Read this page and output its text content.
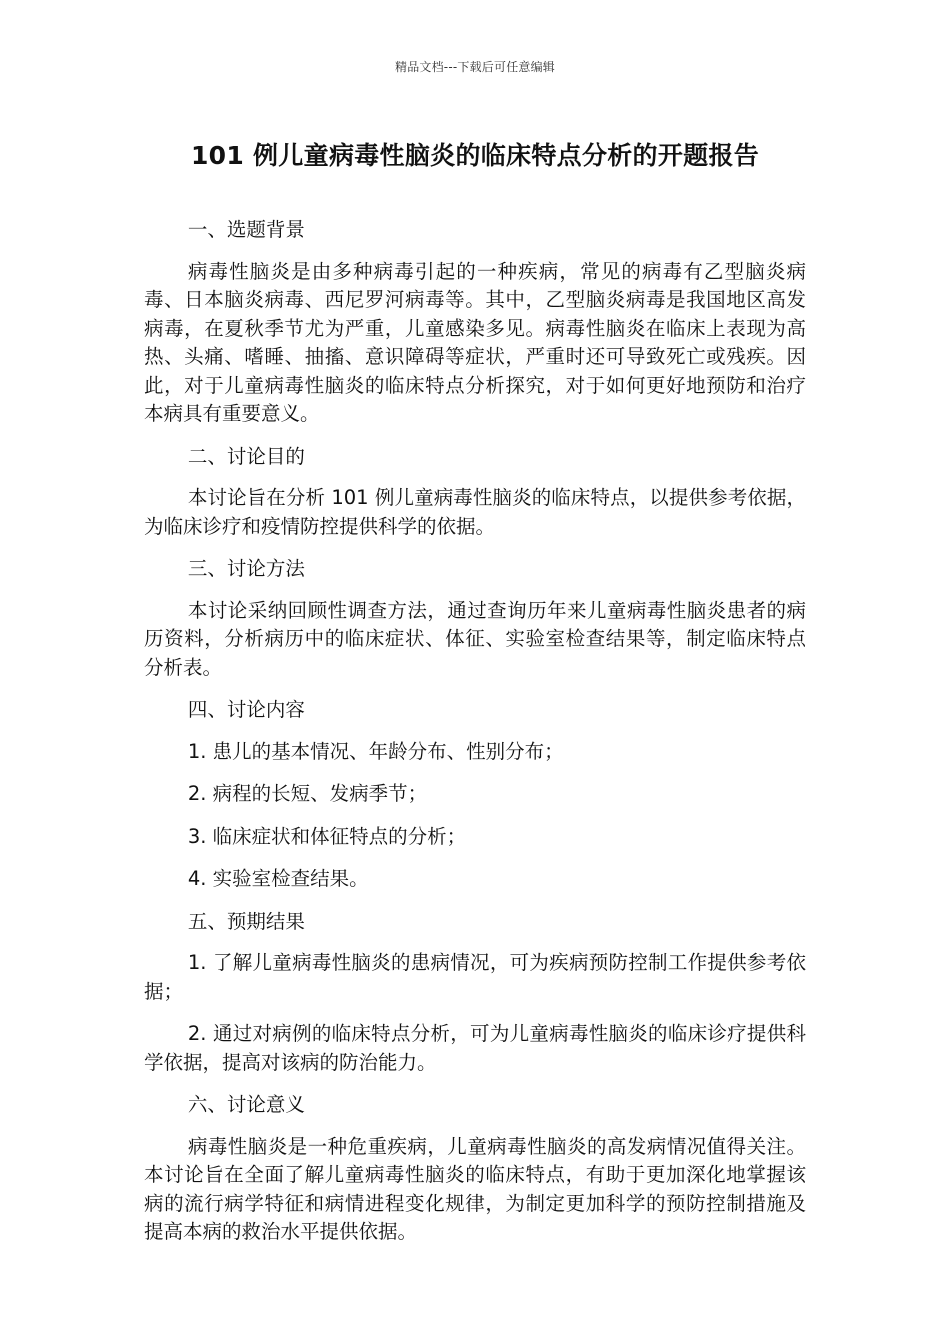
精品文档---下载后可任意编辑
101 例儿童病毒性脑炎的临床特点分析的开题报告
一、选题背景
病毒性脑炎是由多种病毒引起的一种疾病，常见的病毒有乙型脑炎病毒、日本脑炎病毒、西尼罗河病毒等。其中，乙型脑炎病毒是我国地区高发病毒，在夏秋季节尤为严重，儿童感染多见。病毒性脑炎在临床上表现为高热、头痛、嗜睡、抽搐、意识障碍等症状，严重时还可导致死亡或残疾。因此，对于儿童病毒性脑炎的临床特点分析探究，对于如何更好地预防和治疗本病具有重要意义。
二、讨论目的
本讨论旨在分析 101 例儿童病毒性脑炎的临床特点，以提供参考依据，为临床诊疗和疫情防控提供科学的依据。
三、讨论方法
本讨论采纳回顾性调查方法，通过查询历年来儿童病毒性脑炎患者的病历资料，分析病历中的临床症状、体征、实验室检查结果等，制定临床特点分析表。
四、讨论内容
1. 患儿的基本情况、年龄分布、性别分布；
2. 病程的长短、发病季节；
3. 临床症状和体征特点的分析；
4. 实验室检查结果。
五、预期结果
1. 了解儿童病毒性脑炎的患病情况，可为疾病预防控制工作提供参考依据；
2. 通过对病例的临床特点分析，可为儿童病毒性脑炎的临床诊疗提供科学依据，提高对该病的防治能力。
六、讨论意义
病毒性脑炎是一种危重疾病，儿童病毒性脑炎的高发病情况值得关注。本讨论旨在全面了解儿童病毒性脑炎的临床特点，有助于更加深化地掌握该病的流行病学特征和病情进程变化规律，为制定更加科学的预防控制措施及提高本病的救治水平提供依据。
